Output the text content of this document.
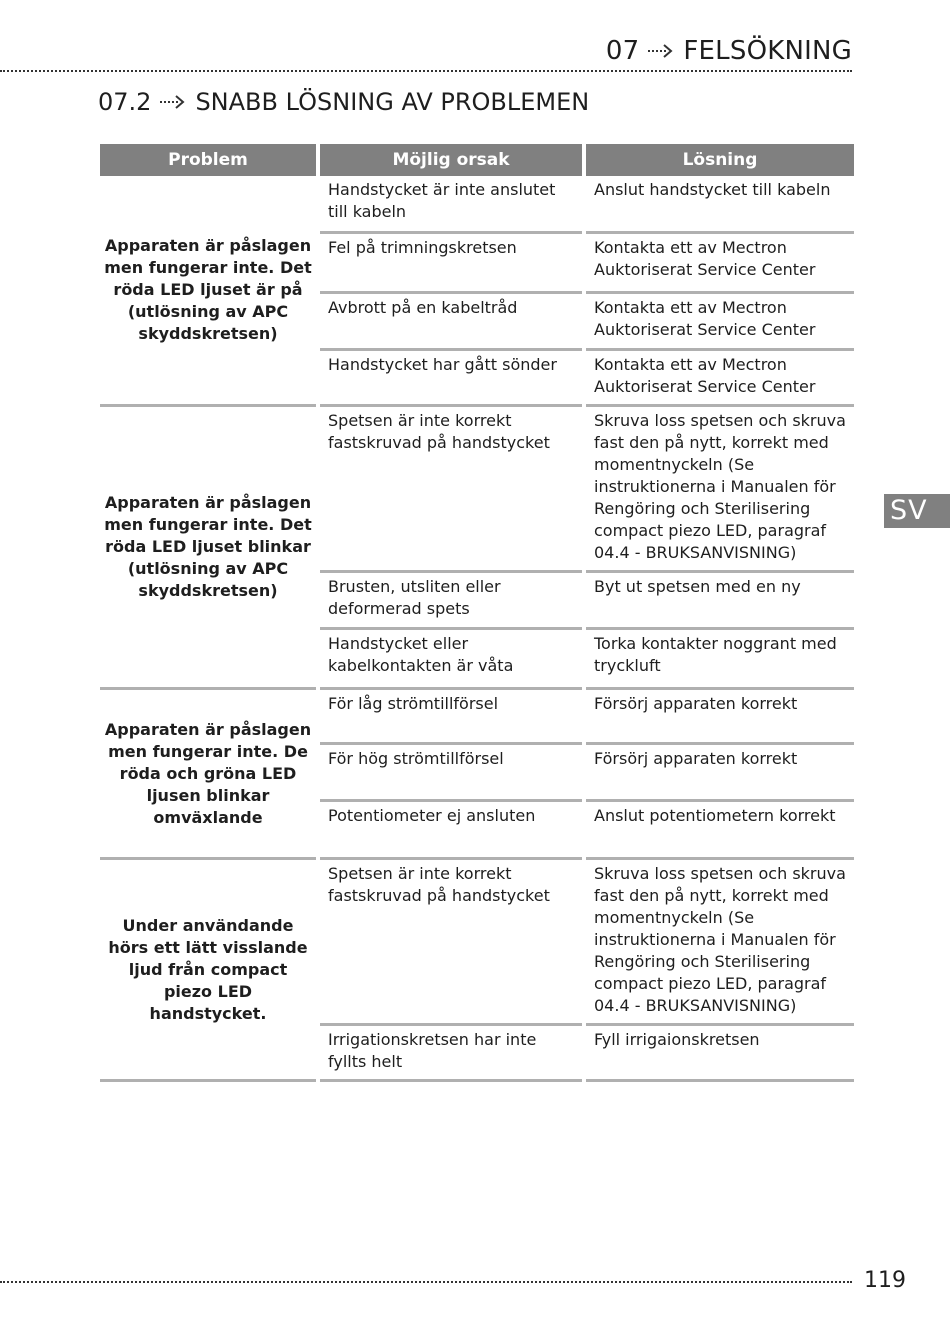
07 FELSÖKNING
07.2 SNABB LÖSNING AV PROBLEMEN
Problem	Möjlig orsak	Lösning
Apparaten är påslagen men fungerar inte. Det röda LED ljuset är på (utlösning av APC skyddskretsen)	Handstycket är inte anslutet till kabeln	Anslut handstycket till kabeln
	Fel på trimningskretsen	Kontakta ett av Mectron Auktoriserat Service Center
	Avbrott på en kabeltråd	Kontakta ett av Mectron Auktoriserat Service Center
	Handstycket har gått sönder	Kontakta ett av Mectron Auktoriserat Service Center
Apparaten är påslagen men fungerar inte. Det röda LED ljuset blinkar (utlösning av APC skyddskretsen)	Spetsen är inte korrekt fastskruvad på handstycket	Skruva loss spetsen och skruva fast den på nytt, korrekt med momentnyckeln (Se instruktionerna i Manualen för Rengöring och Sterilisering compact piezo LED, paragraf 04.4 - BRUKSANVISNING)
	Brusten, utsliten eller deformerad spets	Byt ut spetsen med en ny
	Handstycket eller kabelkontakten är våta	Torka kontakter noggrant med tryckluft
Apparaten är påslagen men fungerar inte. De röda och gröna LED ljusen blinkar omväxlande	För låg strömtillförsel	Försörj apparaten korrekt
	För hög strömtillförsel	Försörj apparaten korrekt
	Potentiometer ej ansluten	Anslut potentiometern korrekt
Under användande hörs ett lätt visslande ljud från compact piezo LED handstycket.	Spetsen är inte korrekt fastskruvad på handstycket	Skruva loss spetsen och skruva fast den på nytt, korrekt med momentnyckeln (Se instruktionerna i Manualen för Rengöring och Sterilisering compact piezo LED, paragraf 04.4 - BRUKSANVISNING)
	Irrigationskretsen har inte fyllts helt	Fyll irrigaionskretsen
SV
119
